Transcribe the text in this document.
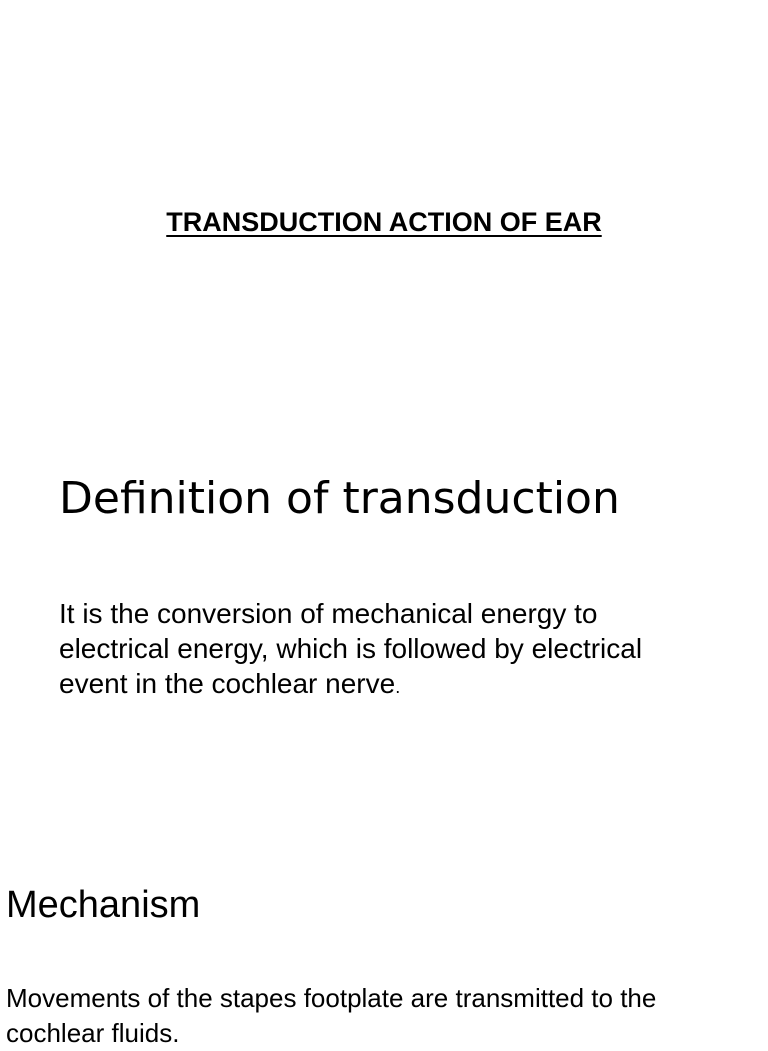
TRANSDUCTION ACTION OF EAR
Definition of transduction
It is the conversion of mechanical energy to electrical energy, which is followed by electrical event in the cochlear nerve.
Mechanism
Movements of the stapes footplate are transmitted to the cochlear fluids.
